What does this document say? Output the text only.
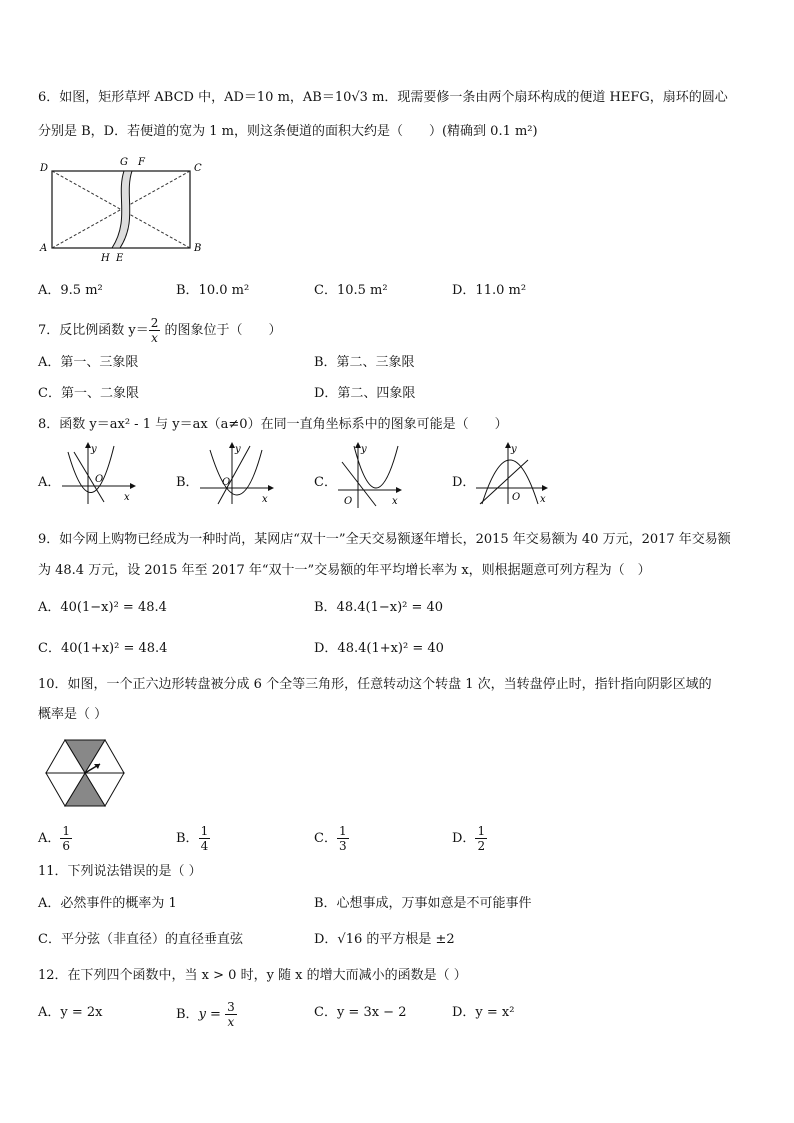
6．如图，矩形草坪 ABCD 中，AD＝10 m，AB＝10√3 m．现需要修一条由两个扇环构成的便道 HEFG，扇环的圆心
分别是 B，D．若便道的宽为 1 m，则这条便道的面积大约是（　　）(精确到 0.1 m²)
D
G F
C
A
H E
B
A．9.5 m²	B．10.0 m²	C．10.5 m²	D．11.0 m²
7．反比例函数 $y= \frac{2}{x}$ 的图象位于（　　）
A．第一、三象限	B．第二、三象限
C．第一、二象限	D．第二、四象限
8．函数 y＝ax² - 1 与 y＝ax（a≠0）在同一直角坐标系中的图象可能是（　　）
A．
y
x
O	B．
y
x
O	C．
y
x
O
D．
y
x
O
9．如今网上购物已经成为一种时尚，某网店“双十一”全天交易额逐年增长，2015 年交易额为 40 万元，2017 年交易额
为 48.4 万元，设 2015 年至 2017 年“双十一”交易额的年平均增长率为 x，则根据题意可列方程为（　）
A．40(1−x)² = 48.4	B．48.4(1−x)² = 40
C．40(1+x)² = 48.4	D．48.4(1+x)² = 40
10．如图，一个正六边形转盘被分成 6 个全等三角形，任意转动这个转盘 1 次，当转盘停止时，指针指向阴影区域的
概率是（ ）
A． $\frac{1}{6}$	B． $\frac{1}{4}$	C． $\frac{1}{3}$	D． $\frac{1}{2}$
11．下列说法错误的是（ ）
A．必然事件的概率为 1	B．心想事成，万事如意是不可能事件
C．平分弦（非直径）的直径垂直弦	D．√16 的平方根是 ±2
12．在下列四个函数中，当 x > 0 时，y 随 x 的增大而减小的函数是（ ）
A．y = 2x	B．$y = \frac{3}{x}$	C．y = 3x − 2	D．y = x²
